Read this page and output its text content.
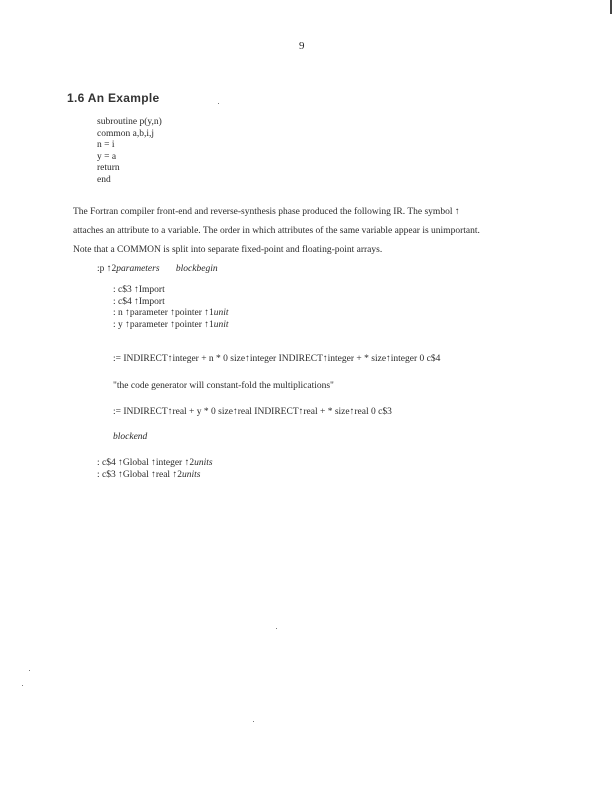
9
1.6 An Example
subroutine p(y,n)
common a,b,i,j
n = i
y = a
return
end
The Fortran compiler front-end and reverse-synthesis phase produced the following IR. The symbol ↑
attaches an attribute to a variable. The order in which attributes of the same variable appear is unimportant.
Note that a COMMON is split into separate fixed-point and floating-point arrays.
:p ↑2parameters blockbegin
: c$3 ↑Import
: c$4 ↑Import
: n ↑parameter ↑pointer ↑1unit
: y ↑parameter ↑pointer ↑1unit
:= INDIRECT↑integer + n * 0 size↑integer INDIRECT↑integer + * size↑integer 0 c$4
"the code generator will constant-fold the multiplications"
:= INDIRECT↑real + y * 0 size↑real INDIRECT↑real + * size↑real 0 c$3
blockend
: c$4 ↑Global ↑integer ↑2units
: c$3 ↑Global ↑real ↑2units
